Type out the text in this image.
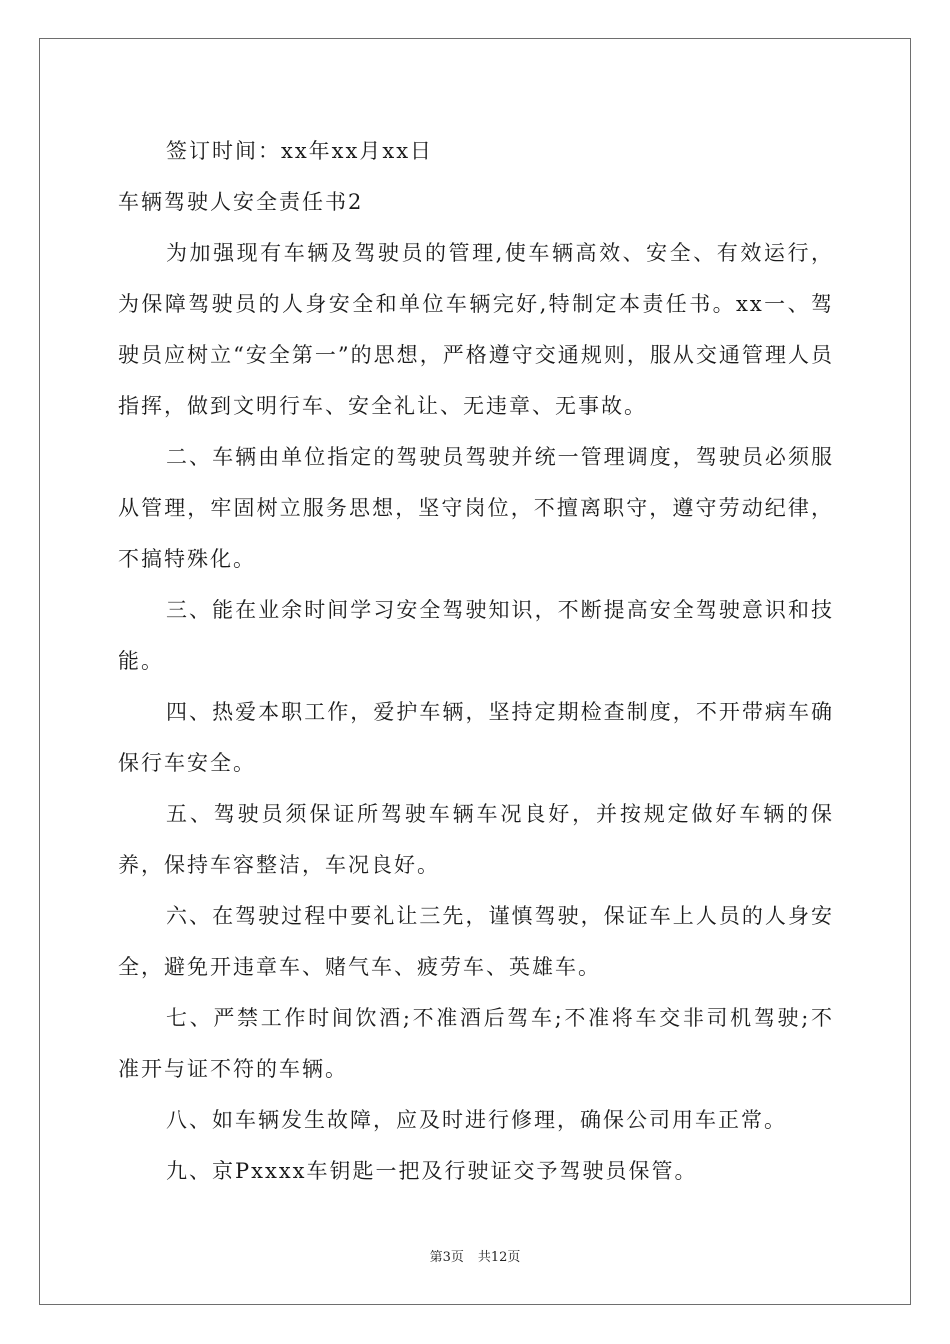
签订时间：xx年xx月xx日
车辆驾驶人安全责任书2

为加强现有车辆及驾驶员的管理,使车辆高效、安全、有效运行，为保障驾驶员的人身安全和单位车辆完好,特制定本责任书。xx一、驾驶员应树立“安全第一”的思想，严格遵守交通规则，服从交通管理人员指挥，做到文明行车、安全礼让、无违章、无事故。

二、车辆由单位指定的驾驶员驾驶并统一管理调度，驾驶员必须服从管理，牢固树立服务思想，坚守岗位，不擅离职守，遵守劳动纪律，不搞特殊化。

三、能在业余时间学习安全驾驶知识，不断提高安全驾驶意识和技能。

四、热爱本职工作，爱护车辆，坚持定期检查制度，不开带病车确保行车安全。

五、驾驶员须保证所驾驶车辆车况良好，并按规定做好车辆的保养，保持车容整洁，车况良好。

六、在驾驶过程中要礼让三先，谨慎驾驶，保证车上人员的人身安全，避免开违章车、赌气车、疲劳车、英雄车。

七、严禁工作时间饮酒;不准酒后驾车;不准将车交非司机驾驶;不准开与证不符的车辆。

八、如车辆发生故障，应及时进行修理，确保公司用车正常。

九、京Pxxxx车钥匙一把及行驶证交予驾驶员保管。

第3页 共12页
